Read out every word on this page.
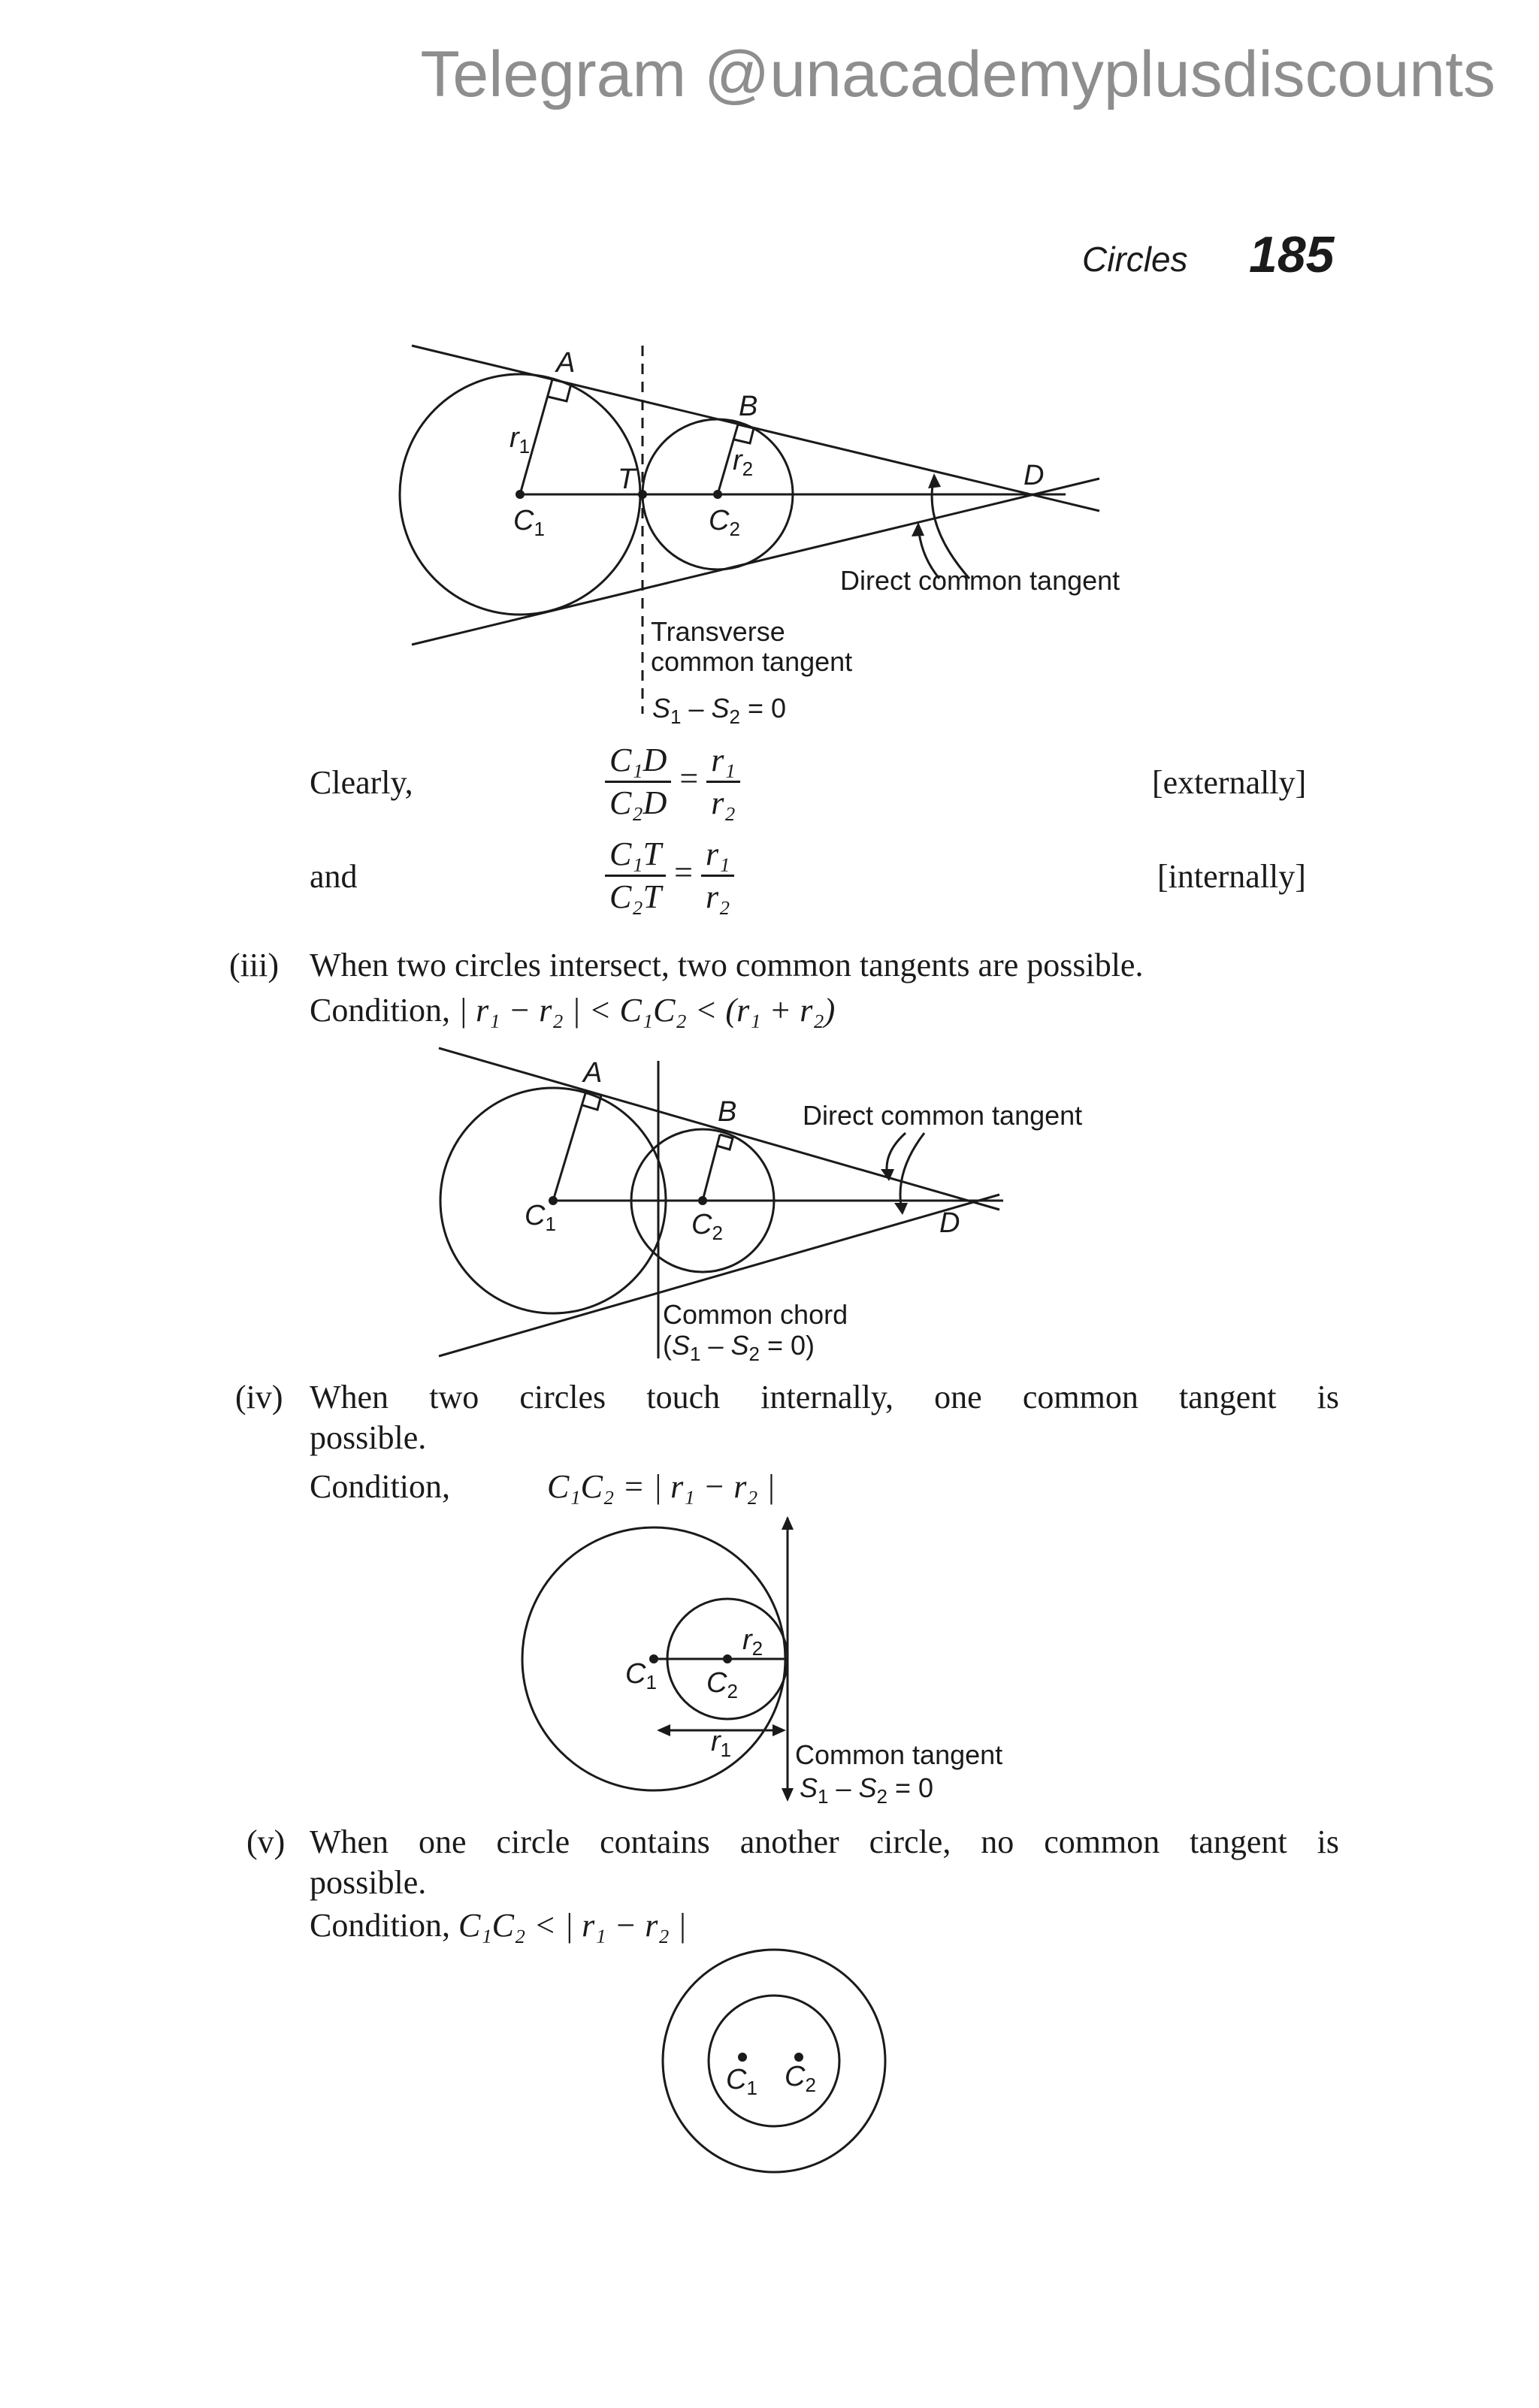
Telegram @unacademyplusdiscounts
Circles 185
A
B
D
T
r1	r2
C1	C2
Direct common tangent
Transverse
common tangent
$S_1 - S_2 = 0$
A
B
D
C1	C2
Direct common tangent
Common chord
$(S_1 - S_2 = 0)$
r2
r1
C1 C2
Common tangent
$S_1 - S_2 = 0$
C1 C2
Clearly,	$\frac{\text{C₁D}}{\text{C₂D}} = \frac{\text{r₁}}{\text{r₂}}$	[externally]
and	$\frac{\text{C₁T}}{\text{C₂T}} = \frac{\text{r₁}}{\text{r₂}}$	[internally]
(iii) When two circles intersect, two common tangents are possible.
Condition, | r₁ − r₂ | < C₁C₂ < (r₁ + r₂)
(iv) When two circles touch internally, one common tangent is
possible.
Condition,	C₁C₂ = | r₁ − r₂ |
(v) When one circle contains another circle, no common tangent is
possible.
Condition, C₁C₂ < | r₁ − r₂ |
